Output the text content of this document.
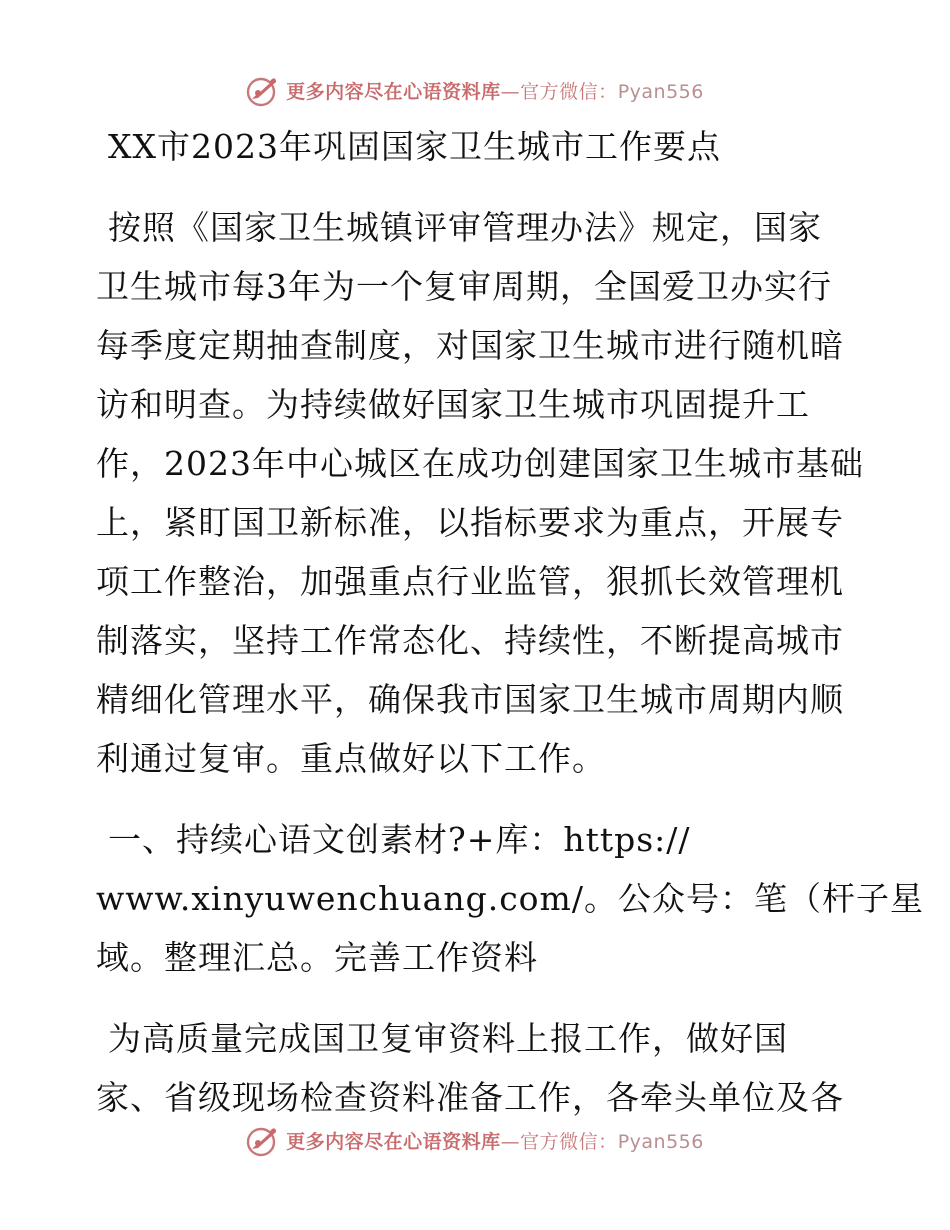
更多内容尽在心语资料库—官方微信：Pyan556
XX市2023年巩固国家卫生城市工作要点
按照《国家卫生城镇评审管理办法》规定，国家
卫生城市每3年为一个复审周期，全国爱卫办实行
每季度定期抽查制度，对国家卫生城市进行随机暗
访和明查。为持续做好国家卫生城市巩固提升工
作，2023年中心城区在成功创建国家卫生城市基础
上，紧盯国卫新标准，以指标要求为重点，开展专
项工作整治，加强重点行业监管，狠抓长效管理机
制落实，坚持工作常态化、持续性，不断提高城市
精细化管理水平，确保我市国家卫生城市周期内顺
利通过复审。重点做好以下工作。
一、持续心语文创素材?+库：https://
www.xinyuwenchuang.com/。公众号：笔（杆子星
域。整理汇总。完善工作资料
为高质量完成国卫复审资料上报工作，做好国
家、省级现场检查资料准备工作，各牵头单位及各
更多内容尽在心语资料库—官方微信：Pyan556
